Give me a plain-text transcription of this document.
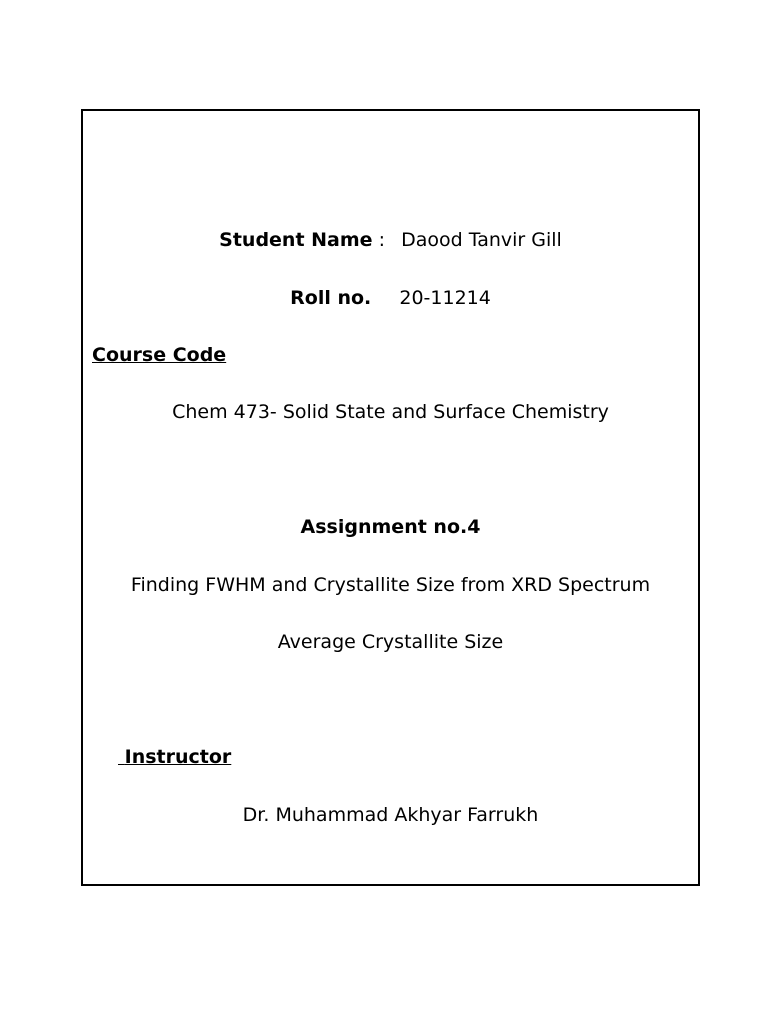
Student Name : Daood Tanvir Gill
Roll no. 20-11214
Course Code
Chem 473- Solid State and Surface Chemistry
Assignment no.4
Finding FWHM and Crystallite Size from XRD Spectrum
Average Crystallite Size
Instructor
Dr. Muhammad Akhyar Farrukh
